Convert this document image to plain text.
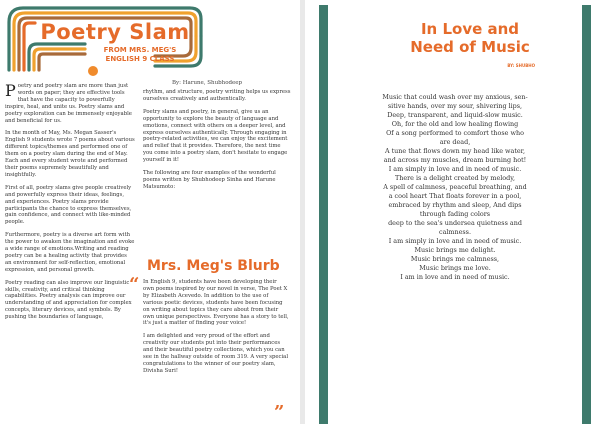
Poetry Slam
FROM MRS. MEG'S
ENGLISH 9 CLASS
By: Harune, Shubhodeep

Poetry and poetry slam are more than just words on paper; they are effective tools that have the capacity to powerfully inspire, heal, and unite us. Poetry slams and poetry exploration can be immensely enjoyable and beneficial for us.

In the month of May, Ms. Megan Sasser's English 9 students wrote 7 poems about various different topics/themes and performed one of them on a poetry slam during the end of May. Each and every student wrote and performed their poems supremely beautifully and insightfully.

First of all, poetry slams give people creatively and powerfully express their ideas, feelings, and experiences. Poetry slams provide participants the chance to express themselves, gain confidence, and connect with like-minded people.

Furthermore, poetry is a diverse art form with the power to awaken the imagination and evoke a wide range of emotions.Writing and reading poetry can be a healing activity that provides an environment for self-reflection, emotional expression, and personal growth.

Poetry reading can also improve our linguistic skills, creativity, and critical thinking capabilities. Poetry analysis can improve our understanding of and appreciation for complex concepts, literary devices, and symbols. By pushing the boundaries of language,

rhythm, and structure, poetry writing helps us express ourselves creatively and authentically.

Poetry slams and poetry, in general, give us an opportunity to explore the beauty of language and emotions, connect with others on a deeper level, and express ourselves authentically. Through engaging in poetry-related activities, we can enjoy the excitement and relief that it provides. Therefore, the next time you come into a poetry slam, don't hesitate to engage yourself in it!

The following are four examples of the wonderful poems written by Shubhodeep Sinha and Harune Matsumoto:

Mrs. Meg's Blurb
“ In English 9, students have been developing their own poems inspired by our novel in verse, The Poet X by Elizabeth Acevedo. In addition to the use of various poetic devices, students have been focusing on writing about topics they care about from their own unique perspectives. Everyone has a story to tell, it's just a matter of finding your voice!

I am delighted and very proud of the effort and creativity our students put into their performances and their beautiful poetry collections, which you can see in the hallway outside of room 319. A very special congratulations to the winner of our poetry slam, Divisha Suri!

”
In Love and
Need of Music
BY: SHUBHO
Music that could wash over my anxious, sen-
sitive hands, over my sour, shivering lips,
Deep, transparent, and liquid-slow music.
Oh, for the old and low healing flowing
Of a song performed to comfort those who
are dead,
A tune that flows down my head like water,
and across my muscles, dream burning hot!
I am simply in love and in need of music.
There is a delight created by melody,
A spell of calmness, peaceful breathing, and
a cool heart That floats forever in a pool,
embraced by rhythm and sleep, And dips
through fading colors
deep to the sea's undersea quietness and
calmness.
I am simply in love and in need of music.
Music brings me delight.
Music brings me calmness,
Music brings me love.
I am in love and in need of music.
